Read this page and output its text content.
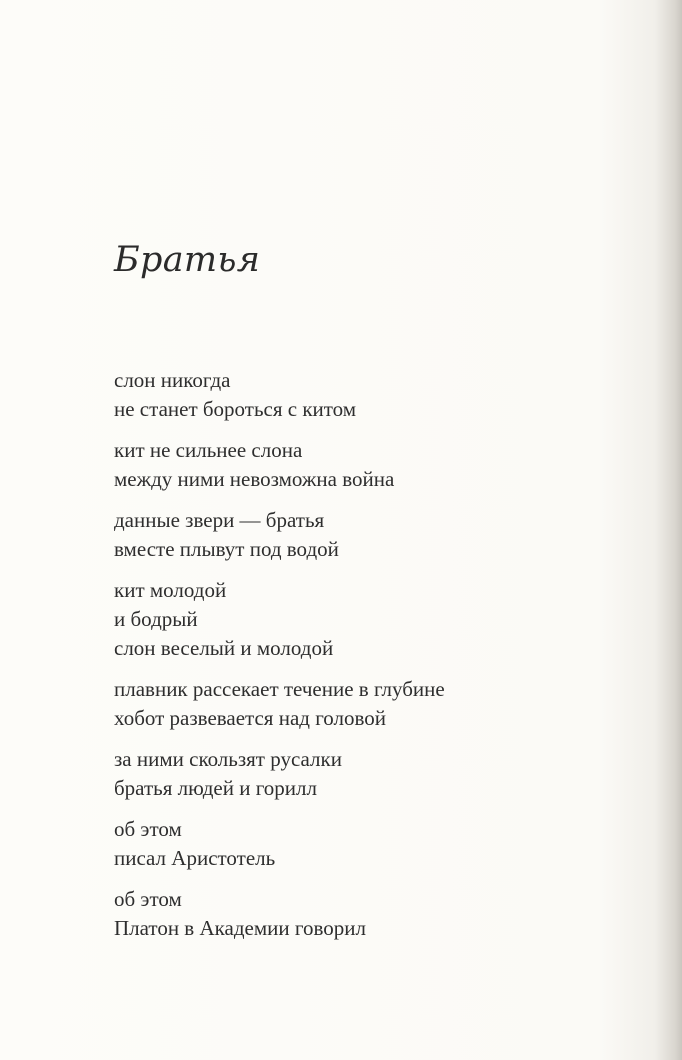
Братья
слон никогда
не станет бороться с китом
кит не сильнее слона
между ними невозможна война
данные звери — братья
вместе плывут под водой
кит молодой
и бодрый
слон веселый и молодой
плавник рассекает течение в глубине
хобот развевается над головой
за ними скользят русалки
братья людей и горилл
об этом
писал Аристотель
об этом
Платон в Академии говорил
